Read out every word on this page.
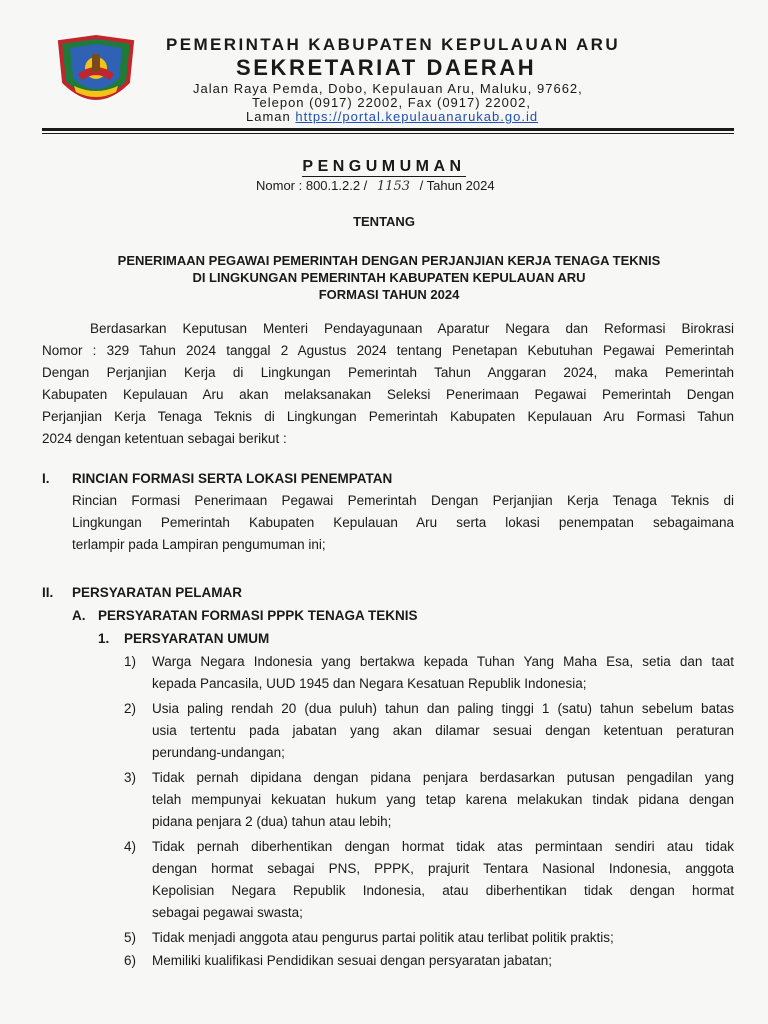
PEMERINTAH KABUPATEN KEPULAUAN ARU
SEKRETARIAT DAERAH
Jalan Raya Pemda, Dobo, Kepulauan Aru, Maluku, 97662,
Telepon (0917) 22002, Fax (0917) 22002,
Laman https://portal.kepulauanarukab.go.id
PENGUMUMAN
Nomor : 800.1.2.2 / 1153 / Tahun 2024
TENTANG
PENERIMAAN PEGAWAI PEMERINTAH DENGAN PERJANJIAN KERJA TENAGA TEKNIS
DI LINGKUNGAN PEMERINTAH KABUPATEN KEPULAUAN ARU
FORMASI TAHUN 2024
Berdasarkan Keputusan Menteri Pendayagunaan Aparatur Negara dan Reformasi Birokrasi
Nomor : 329 Tahun 2024 tanggal 2 Agustus 2024 tentang Penetapan Kebutuhan Pegawai Pemerintah
Dengan Perjanjian Kerja di Lingkungan Pemerintah Tahun Anggaran 2024, maka Pemerintah
Kabupaten Kepulauan Aru akan melaksanakan Seleksi Penerimaan Pegawai Pemerintah Dengan
Perjanjian Kerja Tenaga Teknis di Lingkungan Pemerintah Kabupaten Kepulauan Aru Formasi Tahun
2024 dengan ketentuan sebagai berikut :
I. RINCIAN FORMASI SERTA LOKASI PENEMPATAN
Rincian Formasi Penerimaan Pegawai Pemerintah Dengan Perjanjian Kerja Tenaga Teknis di
Lingkungan Pemerintah Kabupaten Kepulauan Aru serta lokasi penempatan sebagaimana
terlampir pada Lampiran pengumuman ini;
II. PERSYARATAN PELAMAR
A. PERSYARATAN FORMASI PPPK TENAGA TEKNIS
1. PERSYARATAN UMUM
1) Warga Negara Indonesia yang bertakwa kepada Tuhan Yang Maha Esa, setia dan taat
kepada Pancasila, UUD 1945 dan Negara Kesatuan Republik Indonesia;
2) Usia paling rendah 20 (dua puluh) tahun dan paling tinggi 1 (satu) tahun sebelum batas
usia tertentu pada jabatan yang akan dilamar sesuai dengan ketentuan peraturan
perundang-undangan;
3) Tidak pernah dipidana dengan pidana penjara berdasarkan putusan pengadilan yang
telah mempunyai kekuatan hukum yang tetap karena melakukan tindak pidana dengan
pidana penjara 2 (dua) tahun atau lebih;
4) Tidak pernah diberhentikan dengan hormat tidak atas permintaan sendiri atau tidak
dengan hormat sebagai PNS, PPPK, prajurit Tentara Nasional Indonesia, anggota
Kepolisian Negara Republik Indonesia, atau diberhentikan tidak dengan hormat
sebagai pegawai swasta;
5) Tidak menjadi anggota atau pengurus partai politik atau terlibat politik praktis;
6) Memiliki kualifikasi Pendidikan sesuai dengan persyaratan jabatan;
